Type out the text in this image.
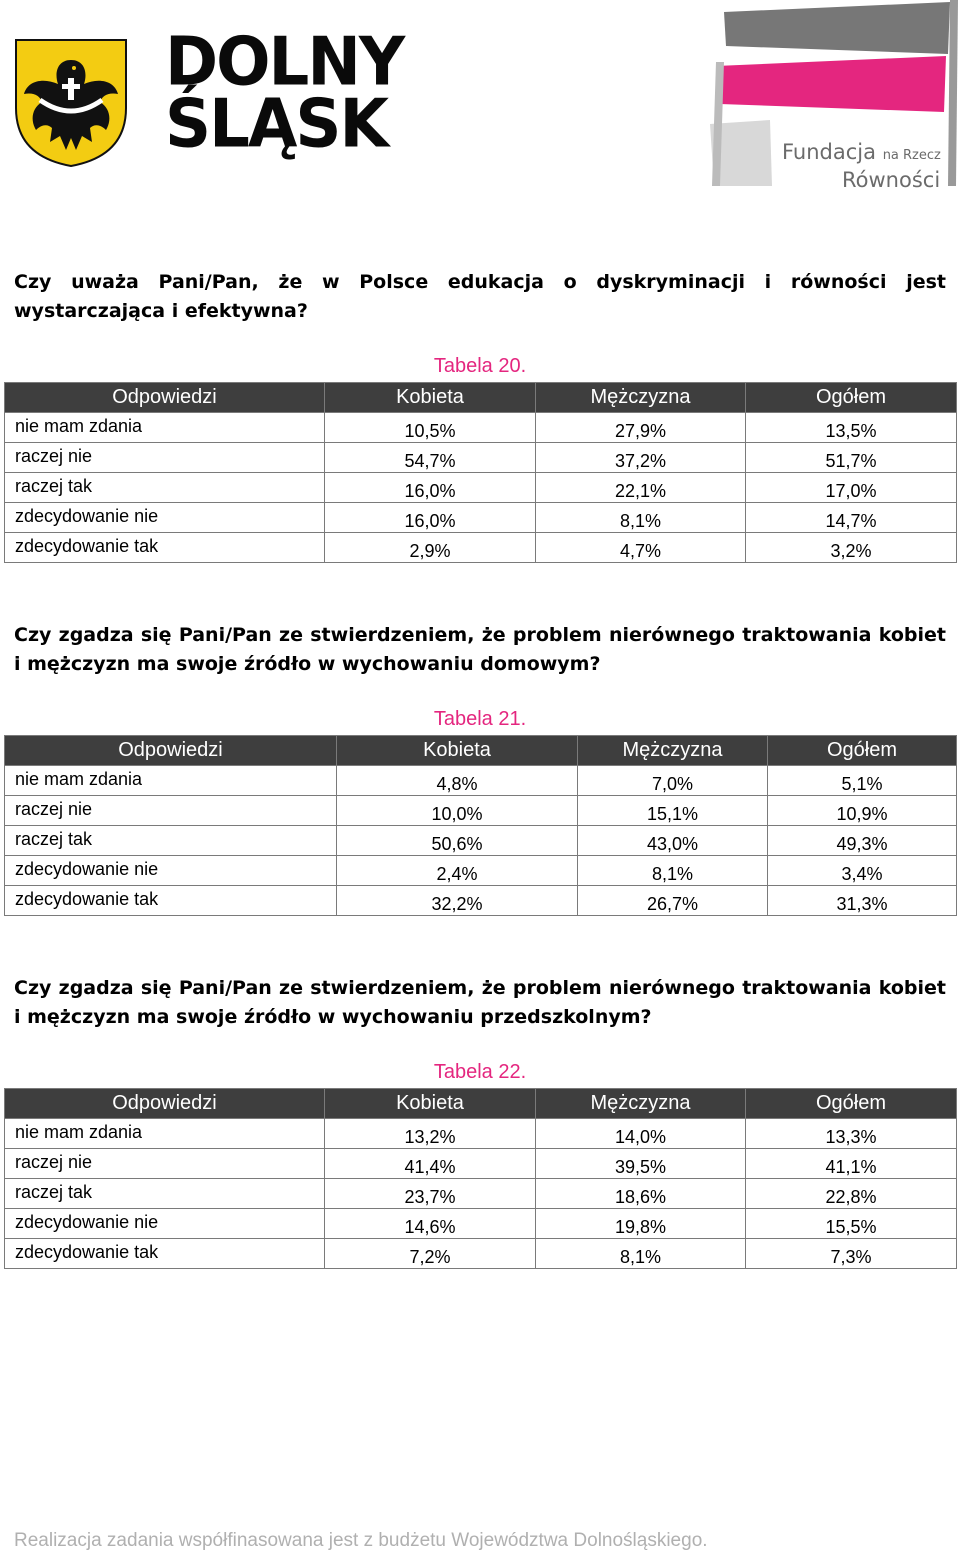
DOLNY
ŚLĄSK	Fundacja na Rzecz
Równości
Czy uważa Pani/Pan, że w Polsce edukacja o dyskryminacji i równości jest wystarczająca i efektywna?
Tabela 20.
Odpowiedzi	Kobieta	Mężczyzna	Ogółem
nie mam zdania	10,5%	27,9%	13,5%
raczej nie	54,7%	37,2%	51,7%
raczej tak	16,0%	22,1%	17,0%
zdecydowanie nie	16,0%	8,1%	14,7%
zdecydowanie tak	2,9%	4,7%	3,2%
Czy zgadza się Pani/Pan ze stwierdzeniem, że problem nierównego traktowania kobiet i mężczyzn ma swoje źródło w wychowaniu domowym?
Tabela 21.
Odpowiedzi	Kobieta	Mężczyzna	Ogółem
nie mam zdania	4,8%	7,0%	5,1%
raczej nie	10,0%	15,1%	10,9%
raczej tak	50,6%	43,0%	49,3%
zdecydowanie nie	2,4%	8,1%	3,4%
zdecydowanie tak	32,2%	26,7%	31,3%
Czy zgadza się Pani/Pan ze stwierdzeniem, że problem nierównego traktowania kobiet i mężczyzn ma swoje źródło w wychowaniu przedszkolnym?
Tabela 22.
Odpowiedzi	Kobieta	Mężczyzna	Ogółem
nie mam zdania	13,2%	14,0%	13,3%
raczej nie	41,4%	39,5%	41,1%
raczej tak	23,7%	18,6%	22,8%
zdecydowanie nie	14,6%	19,8%	15,5%
zdecydowanie tak	7,2%	8,1%	7,3%
Realizacja zadania współfinasowana jest z budżetu Województwa Dolnośląskiego.
